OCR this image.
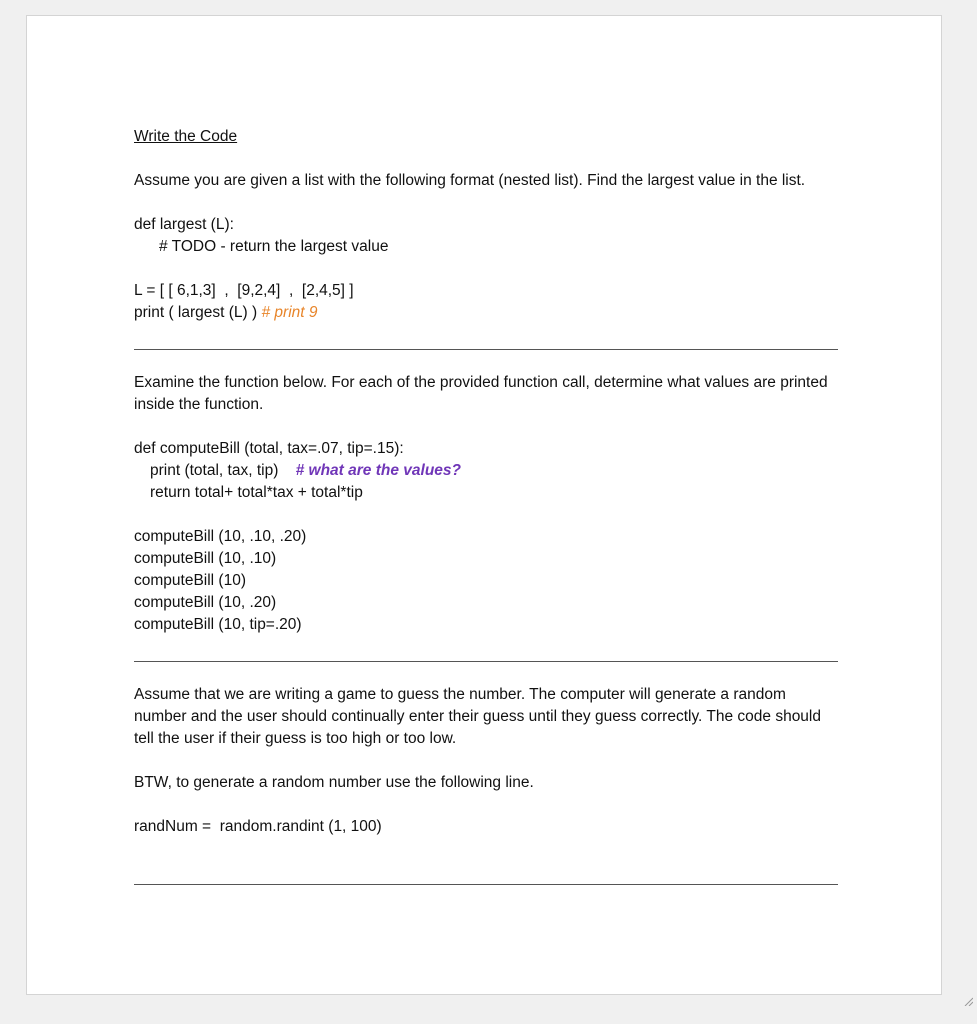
Write the Code

Assume you are given a list with the following format (nested list). Find the largest value in the list.

def largest (L):

# TODO - return the largest value

L = [ [ 6,1,3]  ,  [9,2,4]  ,  [2,4,5] ]

print ( largest (L) ) # print 9

Examine the function below. For each of the provided function call, determine what values are printed inside the function.

def computeBill (total, tax=.07, tip=.15):

print (total, tax, tip) # what are the values?

return total+ total*tax + total*tip

computeBill (10, .10, .20)

computeBill (10, .10)

computeBill (10)

computeBill (10, .20)

computeBill (10, tip=.20)

Assume that we are writing a game to guess the number. The computer will generate a random number and the user should continually enter their guess until they guess correctly. The code should tell the user if their guess is too high or too low.

BTW, to generate a random number use the following line.

randNum =  random.randint (1, 100)
